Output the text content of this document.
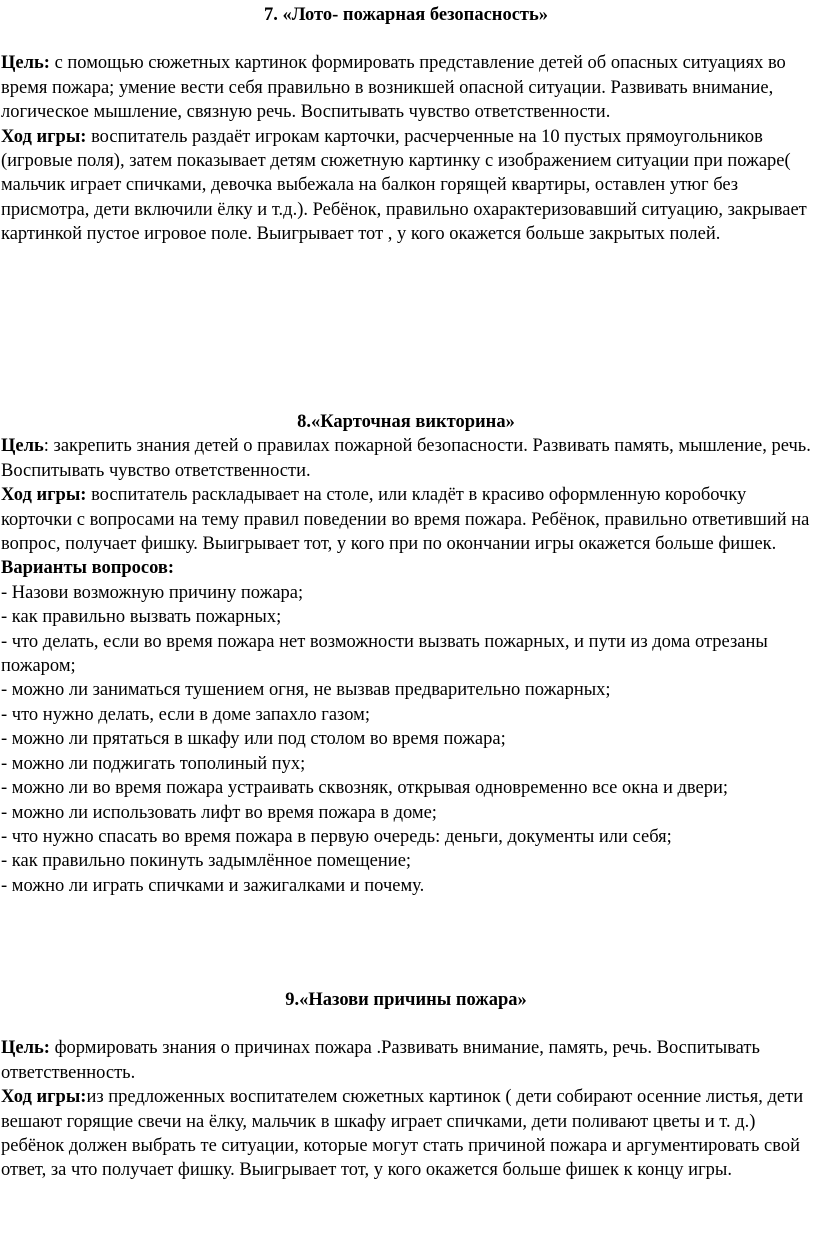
7. «Лото- пожарная безопасность»

Цель: с помощью сюжетных картинок формировать представление детей об опасных ситуациях во время пожара; умение вести себя правильно в возникшей опасной ситуации. Развивать внимание, логическое мышление, связную речь. Воспитывать чувство ответственности.

Ход игры: воспитатель раздаёт игрокам карточки, расчерченные на 10 пустых прямоугольников (игровые поля), затем показывает детям сюжетную картинку с изображением ситуации при пожаре( мальчик играет спичками, девочка выбежала на балкон горящей квартиры, оставлен утюг без присмотра, дети включили ёлку и т.д.). Ребёнок, правильно охарактеризовавший ситуацию, закрывает картинкой пустое игровое поле. Выигрывает тот , у кого окажется больше закрытых полей.

8.«Карточная викторина»

Цель: закрепить знания детей о правилах пожарной безопасности. Развивать память, мышление, речь. Воспитывать чувство ответственности.

Ход игры: воспитатель раскладывает на столе, или кладёт в красиво оформленную коробочку корточки с вопросами на тему правил поведении во время пожара. Ребёнок, правильно ответивший на вопрос, получает фишку. Выигрывает тот, у кого при по окончании игры окажется больше фишек.

Варианты вопросов:

- Назови возможную причину пожара;

- как правильно вызвать пожарных;

- что делать, если во время пожара нет возможности вызвать пожарных, и пути из дома отрезаны пожаром;

- можно ли заниматься тушением огня, не вызвав предварительно пожарных;

- что нужно делать, если в доме запахло газом;

- можно ли прятаться в шкафу или под столом во время пожара;

- можно ли поджигать тополиный пух;

- можно ли во время пожара устраивать сквозняк, открывая одновременно все окна и двери;

- можно ли использовать лифт во время пожара в доме;

- что нужно спасать во время пожара в первую очередь: деньги, документы или себя;

- как правильно покинуть задымлённое помещение;

- можно ли играть спичками и зажигалками и почему.

9.«Назови причины пожара»

Цель: формировать знания о причинах пожара .Развивать внимание, память, речь. Воспитывать ответственность.

Ход игры:из предложенных воспитателем сюжетных картинок ( дети собирают осенние листья, дети вешают горящие свечи на ёлку, мальчик в шкафу играет спичками, дети поливают цветы и т. д.) ребёнок должен выбрать те ситуации, которые могут стать причиной пожара и аргументировать свой ответ, за что получает фишку. Выигрывает тот, у кого окажется больше фишек к концу игры.
